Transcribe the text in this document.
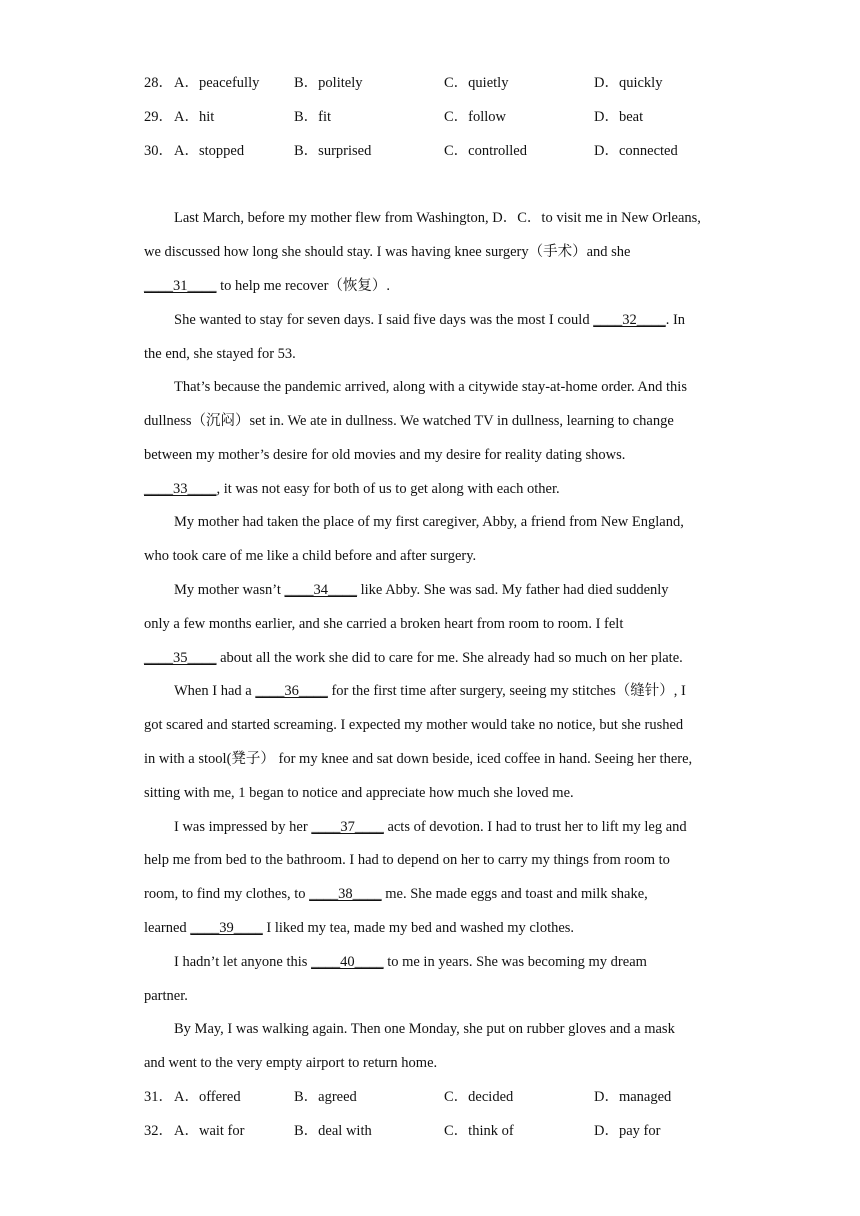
28． A．peacefully B．politely	C．quietly	D．quickly
29． A．hit	B．fit	C．follow	D．beat
30． A．stopped	B．surprised	C．controlled	D．connected
Last March, before my mother flew from Washington, D．C．to visit me in New Orleans,
we discussed how long she should stay. I was having knee surgery（手术）and she
____31____ to help me recover（恢复）.
She wanted to stay for seven days. I said five days was the most I could ____32____. In
the end, she stayed for 53.
That’s because the pandemic arrived, along with a citywide stay-at-home order. And this
dullness（沉闷）set in. We ate in dullness. We watched TV in dullness, learning to change
between my mother’s desire for old movies and my desire for reality dating shows.
____33____, it was not easy for both of us to get along with each other.
My mother had taken the place of my first caregiver, Abby, a friend from New England,
who took care of me like a child before and after surgery.
My mother wasn’t ____34____ like Abby. She was sad. My father had died suddenly
only a few months earlier, and she carried a broken heart from room to room. I felt
____35____ about all the work she did to care for me. She already had so much on her plate.
When I had a ____36____ for the first time after surgery, seeing my stitches（缝针）, I
got scared and started screaming. I expected my mother would take no notice, but she rushed
in with a stool(凳子） for my knee and sat down beside, iced coffee in hand. Seeing her there,
sitting with me, 1 began to notice and appreciate how much she loved me.
I was impressed by her ____37____ acts of devotion. I had to trust her to lift my leg and
help me from bed to the bathroom. I had to depend on her to carry my things from room to
room, to find my clothes, to ____38____ me. She made eggs and toast and milk shake,
learned ____39____ I liked my tea, made my bed and washed my clothes.
I hadn’t let anyone this ____40____ to me in years. She was becoming my dream
partner.
By May, I was walking again. Then one Monday, she put on rubber gloves and a mask
and went to the very empty airport to return home.
31． A．offered	B．agreed	C．decided	D．managed
32． A．wait for	B．deal with	C．think of	D．pay for
